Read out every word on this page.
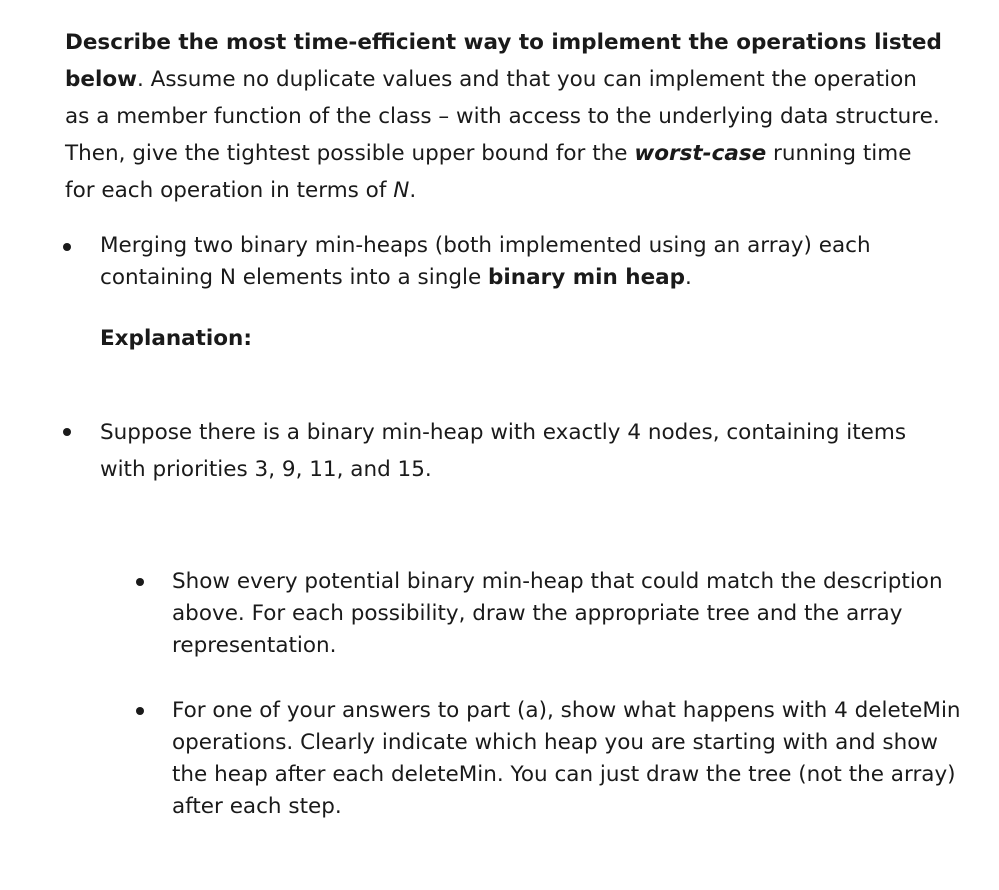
Describe the most time-efficient way to implement the operations listed below. Assume no duplicate values and that you can implement the operation as a member function of the class – with access to the underlying data structure. Then, give the tightest possible upper bound for the worst-case running time for each operation in terms of N.

Merging two binary min-heaps (both implemented using an array) each containing N elements into a single binary min heap.

Explanation:

Suppose there is a binary min-heap with exactly 4 nodes, containing items with priorities 3, 9, 11, and 15.

Show every potential binary min-heap that could match the description above. For each possibility, draw the appropriate tree and the array representation.

For one of your answers to part (a), show what happens with 4 deleteMin operations. Clearly indicate which heap you are starting with and show the heap after each deleteMin. You can just draw the tree (not the array) after each step.
